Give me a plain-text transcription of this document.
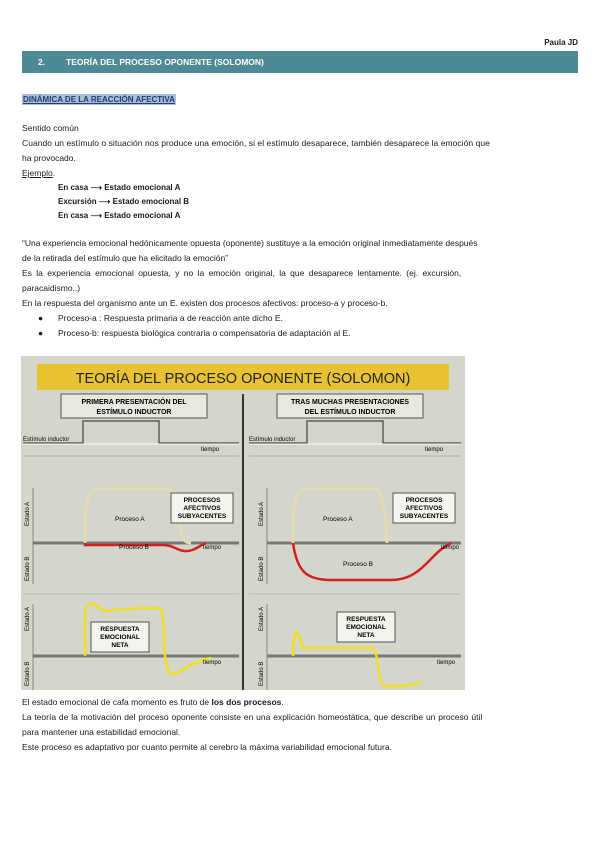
Paula JD
2.	TEORÍA DEL PROCESO OPONENTE (SOLOMON)
DINÁMICA DE LA REACCIÓN AFECTIVA
Sentido común
Cuando un estímulo o situación nos produce una emoción, si el estímulo desaparece, también desaparece la emoción que
ha provocado.
Ejemplo.
En casa ⟶ Estado emocional A
Excursión ⟶ Estado emocional B
En casa ⟶ Estado emocional A
“Una experiencia emocional hedónicamente opuesta (oponente) sustituye a la emoción original inmediatamente después
de la retirada del estímulo que ha elicitado la emoción”
Es la experiencia emocional opuesta, y no la emoción original, la que desaparece lentamente. (ej. excursión,
paracaidismo..)
En la respuesta del organismo ante un E. existen dos procesos afectivos: proceso-a y proceso-b.
● Proceso-a : Respuesta primaria a de reacción ante dicho E.
● Proceso-b: respuesta biológica contraria o compensatoria de adaptación al E.
TEORÍA DEL PROCESO OPONENTE (SOLOMON)
PRIMERA PRESENTACIÓN DEL
ESTÍMULO INDUCTOR
TRAS MUCHAS PRESENTACIONES
DEL ESTÍMULO INDUCTOR
Estímulo inductor
tiempo
Estado A
Estado B
Proceso A
Proceso B	tiempo
PROCESOS
AFECTIVOS
SUBYACENTES
Estado A
Estado B
RESPUESTA
EMOCIONAL
NETA
tiempo
Estímulo inductor
tiempo
Estado A
Estado B
Proceso A
Proceso B
tiempo
PROCESOS
AFECTIVOS
SUBYACENTES
Estado A
Estado B
RESPUESTA
EMOCIONAL
NETA
tiempo
El estado emocional de cafa momento es fruto de los dos procesos.
La teoría de la motivación del proceso oponente consiste en una explicación homeostática, que describe un proceso útil
para mantener una estabilidad emocional.
Este proceso es adaptativo por cuanto permite al cerebro la máxima variabilidad emocional futura.
